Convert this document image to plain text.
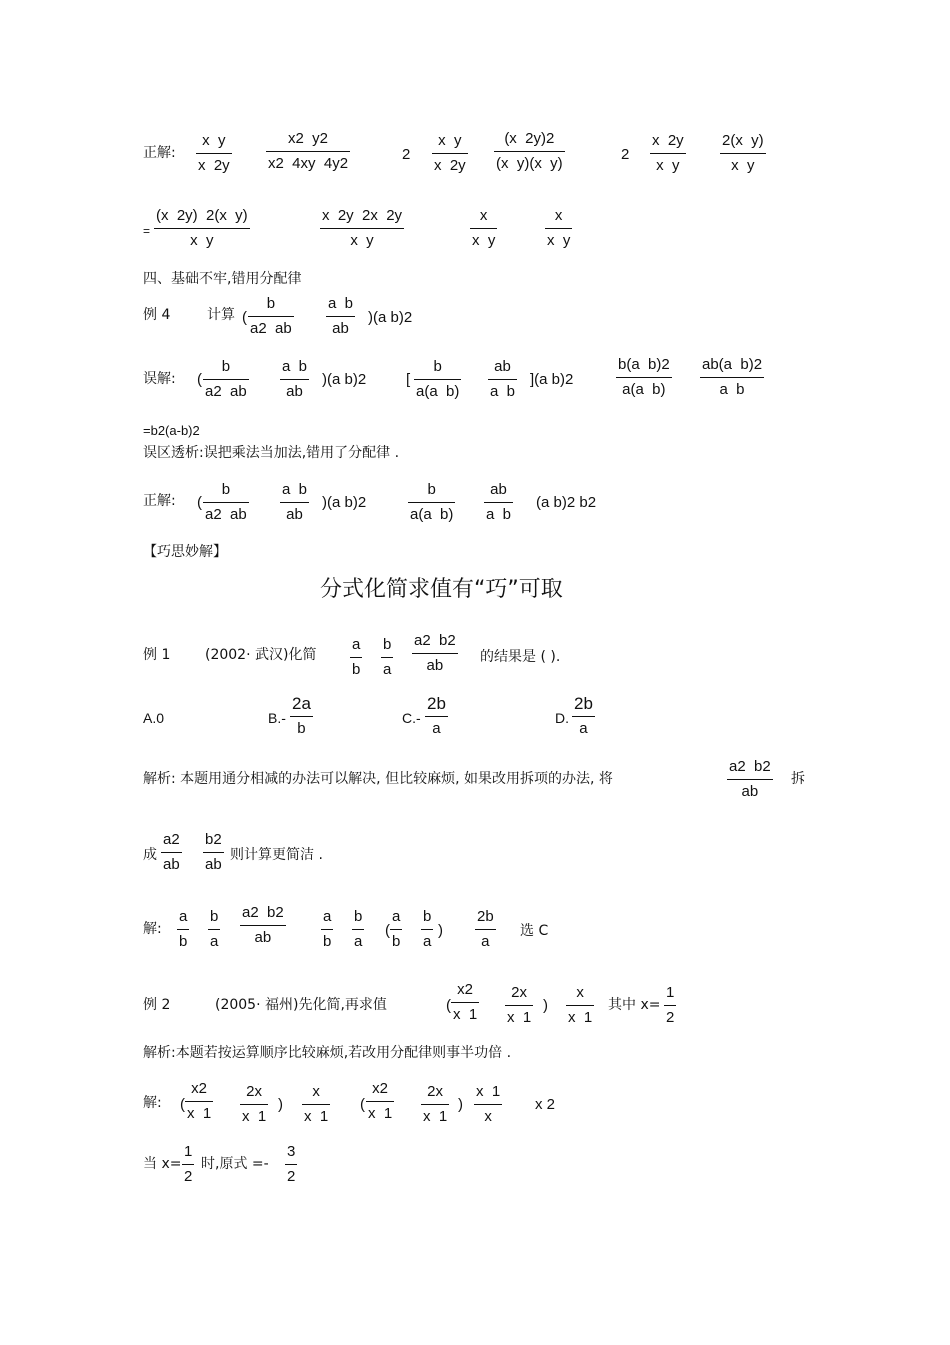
正解:
x  y
x  2y
x2  y2
x2  4xy  4y2
2
x  y
x  2y
(x  2y)2
(x  y)(x  y)
2
x  2y
x  y
2(x  y)
x  y
=
(x  2y)  2(x  y)
x  y
x  2y  2x  2y
x  y
x
x  y
x
x  y
四、基础不牢,错用分配律
例 4	计算 (
b
a2  ab
a  b
ab
)(a b)2
误解: (
b
a2  ab
a  b
ab
)(a b)2	[
b
a(a  b)
ab
a  b
](a b)2
b(a  b)2
a(a  b)
ab(a  b)2
a  b
=b2(a-b)2
误区透析:误把乘法当加法,错用了分配律 .
正解: (
b
a2  ab
a  b
ab
)(a b)2
b
a(a  b)
ab
a  b
(a b)2 b2
【巧思妙解】
分式化简求值有“巧”可取
例 1 (2002· 武汉)化简
a
b
b
a
a2  b2
ab	的结果是 ( ).
A.0	B.-
2a
b
C.-
2b
a
D.
2b
a
解析: 本题用通分相减的办法可以解决, 但比较麻烦, 如果改用拆项的办法, 将
a2  b2
ab
拆
成
a2
ab
b2
ab
则计算更简洁 .
解:
a
b
b
a
a2  b2
ab
a
b
b
a
(
a
b
b
a
)
2b
a
选 C
例 2	(2005· 福州)先化简,再求值	(
x2
x  1
2x
x  1
)
x
x  1
其中 x=
1
2
解析:本题若按运算顺序比较麻烦,若改用分配律则事半功倍 .
解: (
x2
x  1
2x
x  1
)
x
x  1
(
x2
x  1
2x
x  1
)
x  1
x
x 2
当 x=
1
2
时,原式 =-
3
2
